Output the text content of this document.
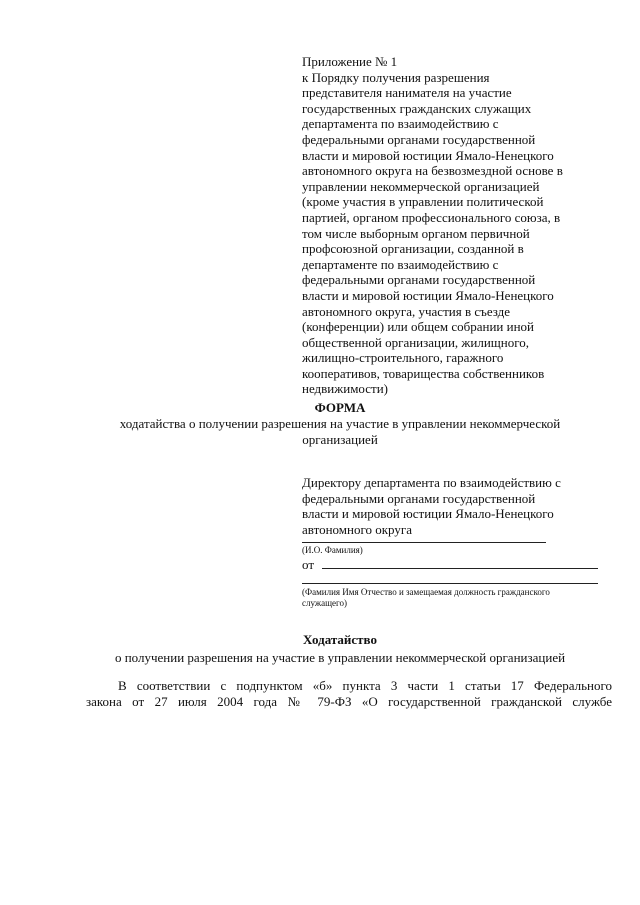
Приложение № 1
к Порядку получения разрешения
представителя нанимателя на участие
государственных гражданских служащих
департамента по взаимодействию с
федеральными органами государственной
власти и мировой юстиции Ямало-Ненецкого
автономного округа на безвозмездной основе в
управлении некоммерческой организацией
(кроме участия в управлении политической
партией, органом профессионального союза, в
том числе выборным органом первичной
профсоюзной организации, созданной в
департаменте по взаимодействию с
федеральными органами государственной
власти и мировой юстиции Ямало-Ненецкого
автономного округа, участия в съезде
(конференции) или общем собрании иной
общественной организации, жилищного,
жилищно-строительного, гаражного
кооперативов, товарищества собственников
недвижимости)
ФОРМА
ходатайства о получении разрешения на участие в управлении некоммерческой
организацией
Директору департамента по взаимодействию с
федеральными органами государственной
власти и мировой юстиции Ямало-Ненецкого
автономного округа
(И.О. Фамилия)
от
(Фамилия Имя Отчество и замещаемая должность гражданского
служащего)
Ходатайство
о получении разрешения на участие в управлении некоммерческой организацией
В соответствии с подпунктом «б» пункта 3 части 1 статьи 17 Федерального
закона от 27 июля 2004 года № 79-ФЗ «О государственной гражданской службе
